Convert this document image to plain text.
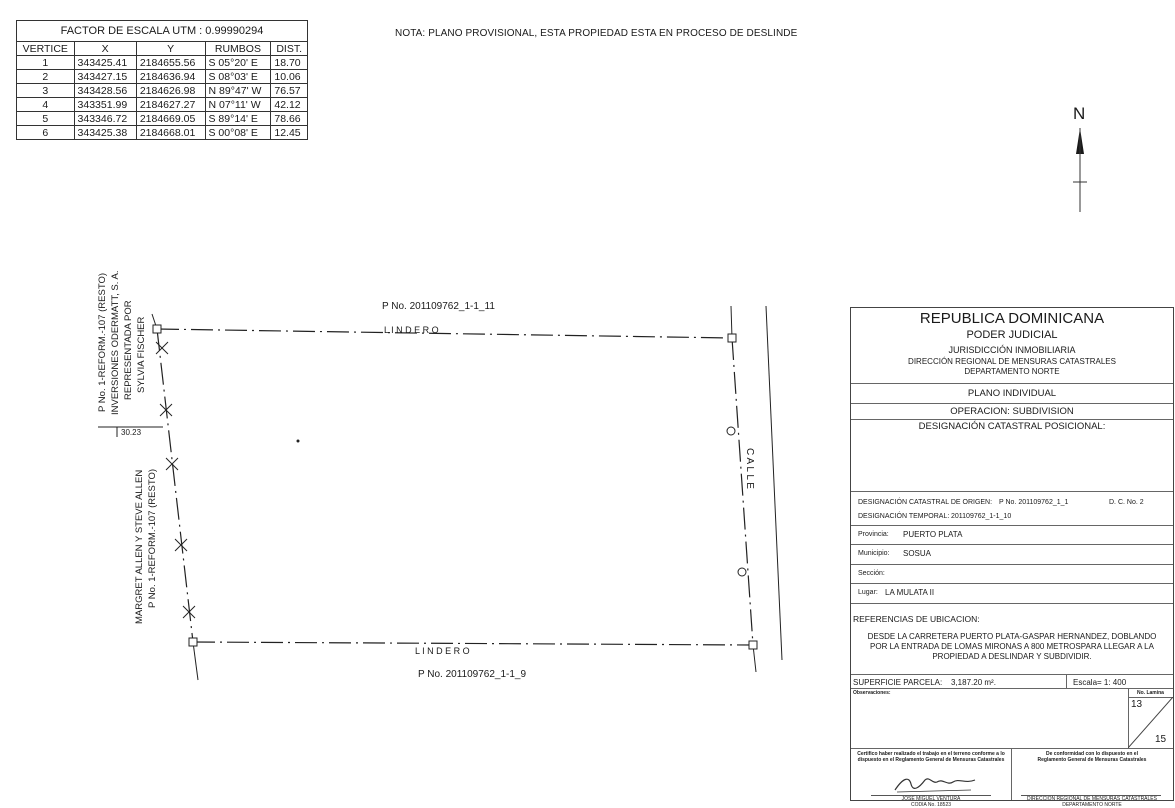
FACTOR DE ESCALA UTM : 0.99990294				
VERTICE	X	Y	RUMBOS	DIST.
1	343425.41	2184655.56	S 05°20' E	18.70
2	343427.15	2184636.94	S 08°03' E	10.06
3	343428.56	2184626.98	N 89°47' W	76.57
4	343351.99	2184627.27	N 07°11' W	42.12
5	343346.72	2184669.05	S 89°14' E	78.66
6	343425.38	2184668.01	S 00°08' E	12.45
NOTA: PLANO PROVISIONAL, ESTA PROPIEDAD ESTA EN PROCESO DE DESLINDE
30.23
P No. 201109762_1-1_11
L I N D E R O
L I N D E R O
P No. 201109762_1-1_9
C A L L E
P No. 1-REFORM.-107 (RESTO) INVERSIONES ODERMATT, S. A. REPRESENTADA POR SYLVIA FISCHER
MARGRET ALLEN Y STEVE ALLEN P No. 1-REFORM.-107 (RESTO)
N
REPUBLICA DOMINICANA
PODER JUDICIAL
JURISDICCIÓN INMOBILIARIA
DIRECCIÓN REGIONAL DE MENSURAS CATASTRALES
DEPARTAMENTO NORTE
PLANO INDIVIDUAL
OPERACION: SUBDIVISION
DESIGNACIÓN CATASTRAL POSICIONAL:
DESIGNACIÓN CATASTRAL DE ORIGEN: P No. 201109762_1_1	D. C. No. 2
DESIGNACIÓN TEMPORAL: 201109762_1-1_10
Provincia: PUERTO PLATA
Municipio: SOSUA
Sección:
Lugar: LA MULATA II
REFERENCIAS DE UBICACION:
DESDE LA CARRETERA PUERTO PLATA-GASPAR HERNANDEZ, DOBLANDO
POR LA ENTRADA DE LOMAS MIRONAS A 800 METROSPARA LLEGAR A LA
PROPIEDAD A DESLINDAR Y SUBDIVIDIR.
SUPERFICIE PARCELA: 3,187.20 m².	Escala= 1: 400
Observaciones:	No. Lamina
13
15
Certifico haber realizado el trabajo en el terreno conforme a lo
dispuesto en el Reglamento General de Mensuras Catastrales
De conformidad con lo dispuesto en el
Reglamento General de Mensuras Catastrales
JOSE MIGUEL VENTURA
CODIA No. 18523
DIRECCION REGIONAL DE MENSURAS CATASTRALES
DEPARTAMENTO NORTE
